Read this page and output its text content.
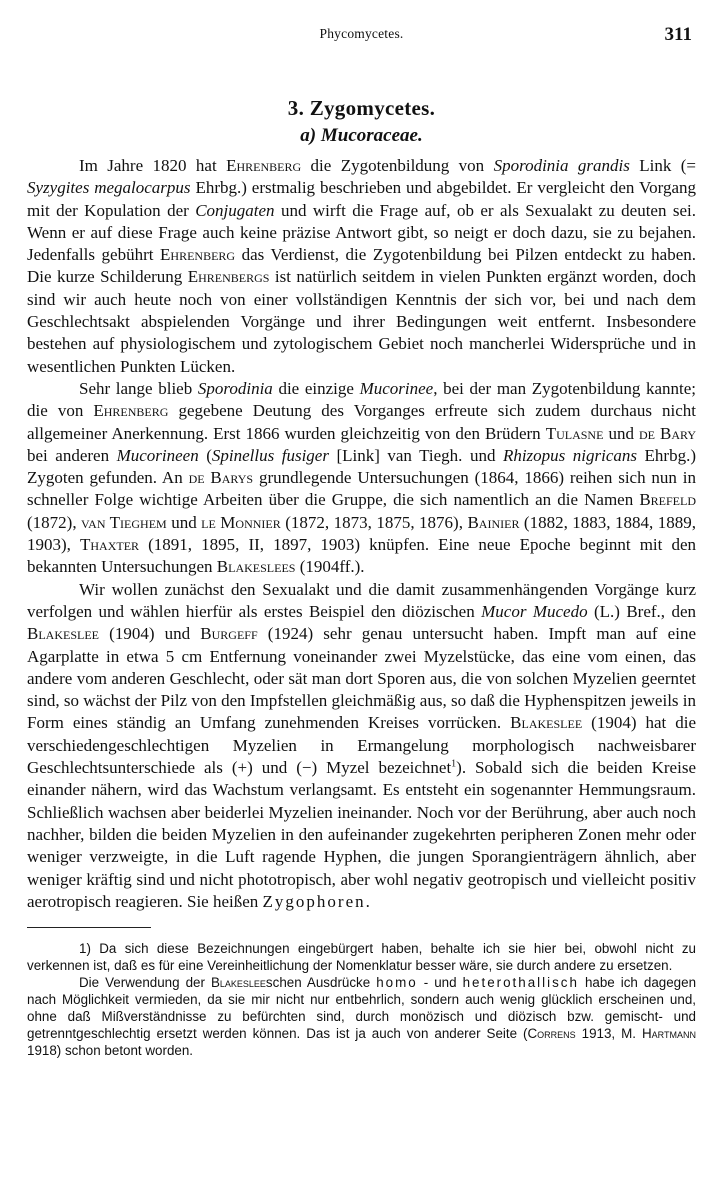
Phycomycetes.	311
3. Zygomycetes.
a) Mucoraceae.

Im Jahre 1820 hat Ehrenberg die Zygotenbildung von Sporodinia grandis Link (= Syzygites megalocarpus Ehrbg.) erstmalig beschrieben und abgebildet. Er vergleicht den Vorgang mit der Kopulation der Conjugaten und wirft die Frage auf, ob er als Sexualakt zu deuten sei. Wenn er auf diese Frage auch keine präzise Antwort gibt, so neigt er doch dazu, sie zu bejahen. Jedenfalls gebührt Ehrenberg das Verdienst, die Zygotenbildung bei Pilzen entdeckt zu haben. Die kurze Schilderung Ehrenbergs ist natürlich seitdem in vielen Punkten ergänzt worden, doch sind wir auch heute noch von einer vollständigen Kenntnis der sich vor, bei und nach dem Geschlechtsakt abspielenden Vorgänge und ihrer Bedingungen weit entfernt. Insbesondere bestehen auf physiologischem und zytologischem Gebiet noch mancherlei Widersprüche und in wesentlichen Punkten Lücken.

Sehr lange blieb Sporodinia die einzige Mucorinee, bei der man Zygotenbildung kannte; die von Ehrenberg gegebene Deutung des Vorganges erfreute sich zudem durchaus nicht allgemeiner Anerkennung. Erst 1866 wurden gleichzeitig von den Brüdern Tulasne und de Bary bei anderen Mucorineen (Spinellus fusiger [Link] van Tiegh. und Rhizopus nigricans Ehrbg.) Zygoten gefunden. An de Barys grundlegende Untersuchungen (1864, 1866) reihen sich nun in schneller Folge wichtige Arbeiten über die Gruppe, die sich namentlich an die Namen Brefeld (1872), van Tieghem und le Monnier (1872, 1873, 1875, 1876), Bainier (1882, 1883, 1884, 1889, 1903), Thaxter (1891, 1895, II, 1897, 1903) knüpfen. Eine neue Epoche beginnt mit den bekannten Untersuchungen Blakeslees (1904ff.).

Wir wollen zunächst den Sexualakt und die damit zusammenhängenden Vorgänge kurz verfolgen und wählen hierfür als erstes Beispiel den diözischen Mucor Mucedo (L.) Bref., den Blakeslee (1904) und Burgeff (1924) sehr genau untersucht haben. Impft man auf eine Agarplatte in etwa 5 cm Entfernung voneinander zwei Myzelstücke, das eine vom einen, das andere vom anderen Geschlecht, oder sät man dort Sporen aus, die von solchen Myzelien geerntet sind, so wächst der Pilz von den Impfstellen gleichmäßig aus, so daß die Hyphenspitzen jeweils in Form eines ständig an Umfang zunehmenden Kreises vorrücken. Blakeslee (1904) hat die verschiedengeschlechtigen Myzelien in Ermangelung morphologisch nachweisbarer Geschlechtsunterschiede als (+) und (−) Myzel bezeichnet$^1$). Sobald sich die beiden Kreise einander nähern, wird das Wachstum verlangsamt. Es entsteht ein sogenannter Hemmungsraum. Schließlich wachsen aber beiderlei Myzelien ineinander. Noch vor der Berührung, aber auch noch nachher, bilden die beiden Myzelien in den aufeinander zugekehrten peripheren Zonen mehr oder weniger verzweigte, in die Luft ragende Hyphen, die jungen Sporangienträgern ähnlich, aber weniger kräftig sind und nicht phototropisch, aber wohl negativ geotropisch und vielleicht positiv aerotropisch reagieren. Sie heißen Zygophoren.

1) Da sich diese Bezeichnungen eingebürgert haben, behalte ich sie hier bei, obwohl nicht zu verkennen ist, daß es für eine Vereinheitlichung der Nomenklatur besser wäre, sie durch andere zu ersetzen.

Die Verwendung der Blakesleeschen Ausdrücke homo - und heterothallisch habe ich dagegen nach Möglichkeit vermieden, da sie mir nicht nur entbehrlich, sondern auch wenig glücklich erscheinen und, ohne daß Mißverständnisse zu befürchten sind, durch monözisch und diözisch bzw. gemischt- und getrenntgeschlechtig ersetzt werden können. Das ist ja auch von anderer Seite (Correns 1913, M. Hartmann 1918) schon betont worden.
